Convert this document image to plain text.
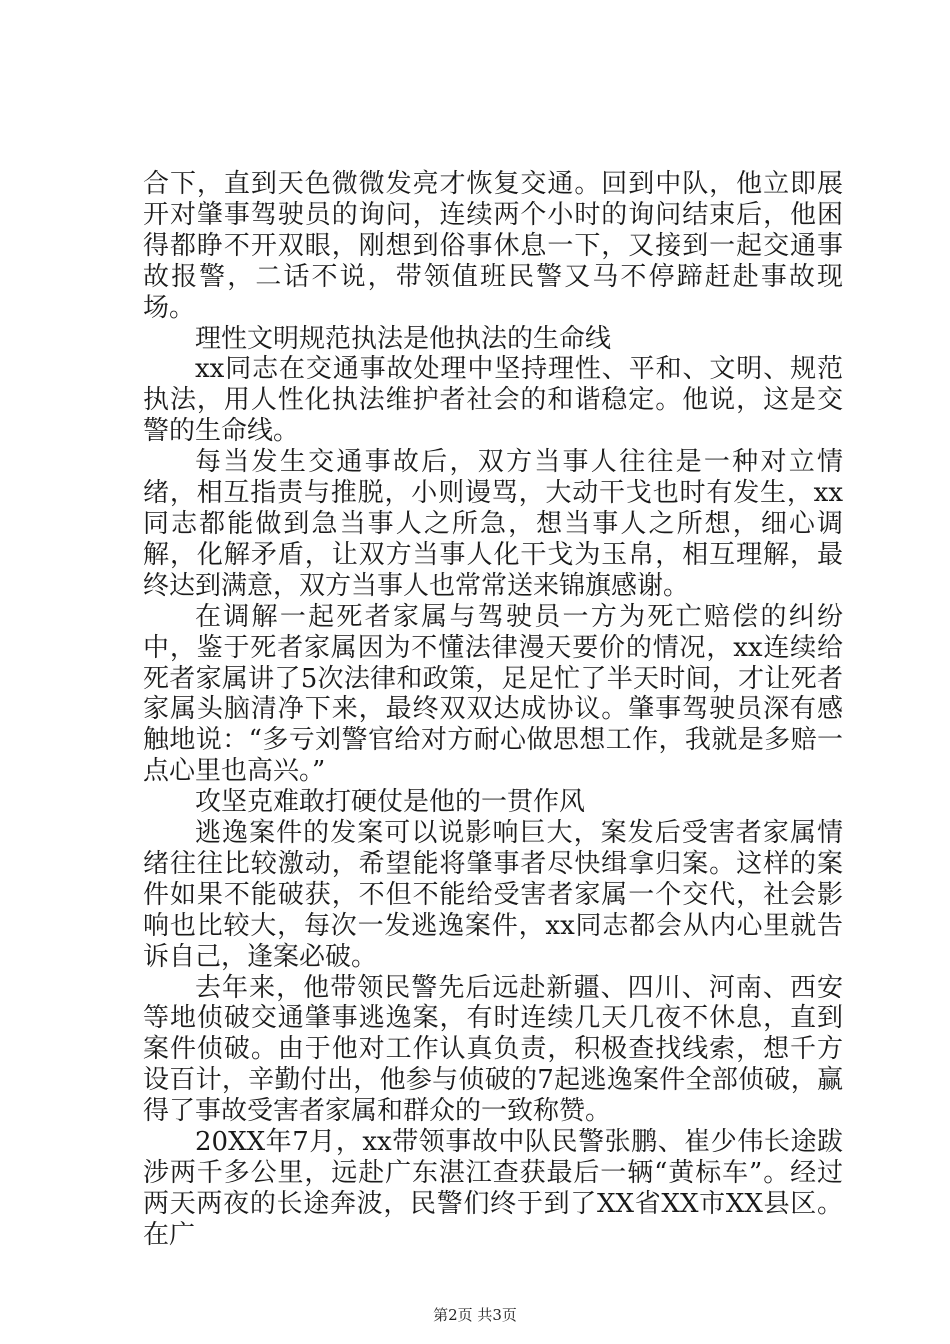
合下，直到天色微微发亮才恢复交通。回到中队，他立即展开对肇事驾驶员的询问，连续两个小时的询问结束后，他困得都睁不开双眼，刚想到俗事休息一下，又接到一起交通事故报警，二话不说，带领值班民警又马不停蹄赶赴事故现场。

理性文明规范执法是他执法的生命线

xx同志在交通事故处理中坚持理性、平和、文明、规范执法，用人性化执法维护者社会的和谐稳定。他说，这是交警的生命线。

每当发生交通事故后，双方当事人往往是一种对立情绪，相互指责与推脱，小则谩骂，大动干戈也时有发生，xx同志都能做到急当事人之所急，想当事人之所想，细心调解，化解矛盾，让双方当事人化干戈为玉帛，相互理解，最终达到满意，双方当事人也常常送来锦旗感谢。

在调解一起死者家属与驾驶员一方为死亡赔偿的纠纷中，鉴于死者家属因为不懂法律漫天要价的情况，xx连续给死者家属讲了5次法律和政策，足足忙了半天时间，才让死者家属头脑清净下来，最终双双达成协议。肇事驾驶员深有感触地说：“多亏刘警官给对方耐心做思想工作，我就是多赔一点心里也高兴。”

攻坚克难敢打硬仗是他的一贯作风

逃逸案件的发案可以说影响巨大，案发后受害者家属情绪往往比较激动，希望能将肇事者尽快缉拿归案。这样的案件如果不能破获，不但不能给受害者家属一个交代，社会影响也比较大，每次一发逃逸案件，xx同志都会从内心里就告诉自己，逢案必破。

去年来，他带领民警先后远赴新疆、四川、河南、西安等地侦破交通肇事逃逸案，有时连续几天几夜不休息，直到案件侦破。由于他对工作认真负责，积极查找线索，想千方设百计，辛勤付出，他参与侦破的7起逃逸案件全部侦破，赢得了事故受害者家属和群众的一致称赞。

20XX年7月，xx带领事故中队民警张鹏、崔少伟长途跋涉两千多公里，远赴广东湛江查获最后一辆“黄标车”。经过两天两夜的长途奔波，民警们终于到了XX省XX市XX县区。在广

第2页 共3页
